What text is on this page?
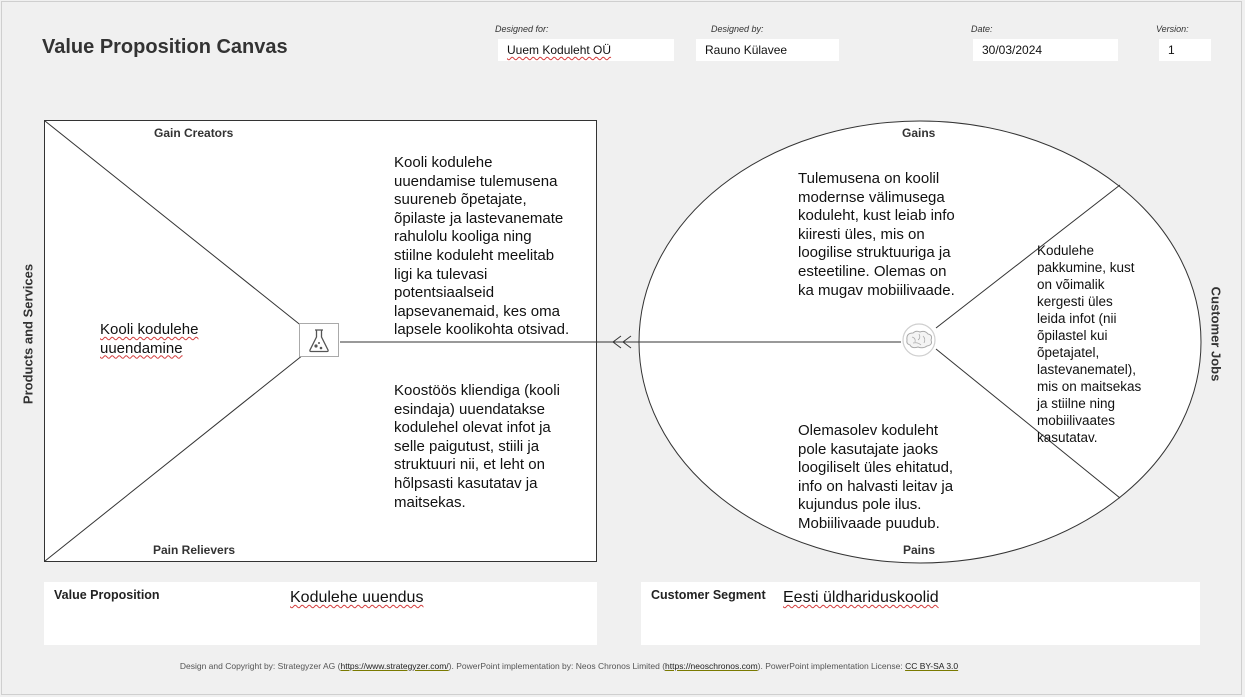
Value Proposition Canvas
Designed for:
Uuem Koduleht OÜ
Designed by:
Rauno Külavee
Date:
30/03/2024
Version:
1
Gain Creators
Pain Relievers
Products and Services	Kooli kodulehe
uuendamine
Kooli kodulehe
uuendamise tulemusena
suureneb õpetajate,
õpilaste ja lastevanemate
rahulolu kooliga ning
stiilne koduleht meelitab
ligi ka tulevasi
potentsiaalseid
lapsevanemaid, kes oma
lapsele koolikohta otsivad.
Koostöös kliendiga (kooli
esindaja) uuendatakse
kodulehel olevat infot ja
selle paigutust, stiili ja
struktuuri nii, et leht on
hõlpsasti kasutatav ja
maitsekas.
Gains
Pains
Customer Jobs
Tulemusena on koolil
modernse välimusega
koduleht, kust leiab info
kiiresti üles, mis on
loogilise struktuuriga ja
esteetiline. Olemas on
ka mugav mobiilivaade.
Olemasolev koduleht
pole kasutajate jaoks
loogiliselt üles ehitatud,
info on halvasti leitav ja
kujundus pole ilus.
Mobiilivaade puudub.
Kodulehe
pakkumine, kust
on võimalik
kergesti üles
leida infot (nii
õpilastel kui
õpetajatel,
lastevanematel),
mis on maitsekas
ja stiilne ning
mobiilivaates
kasutatav.
Value Proposition	Kodulehe uuendus	Customer Segment Eesti üldhariduskoolid
Design and Copyright by: Strategyzer AG (https://www.strategyzer.com/). PowerPoint implementation by: Neos Chronos Limited (https://neoschronos.com). PowerPoint implementation License: CC BY-SA 3.0
